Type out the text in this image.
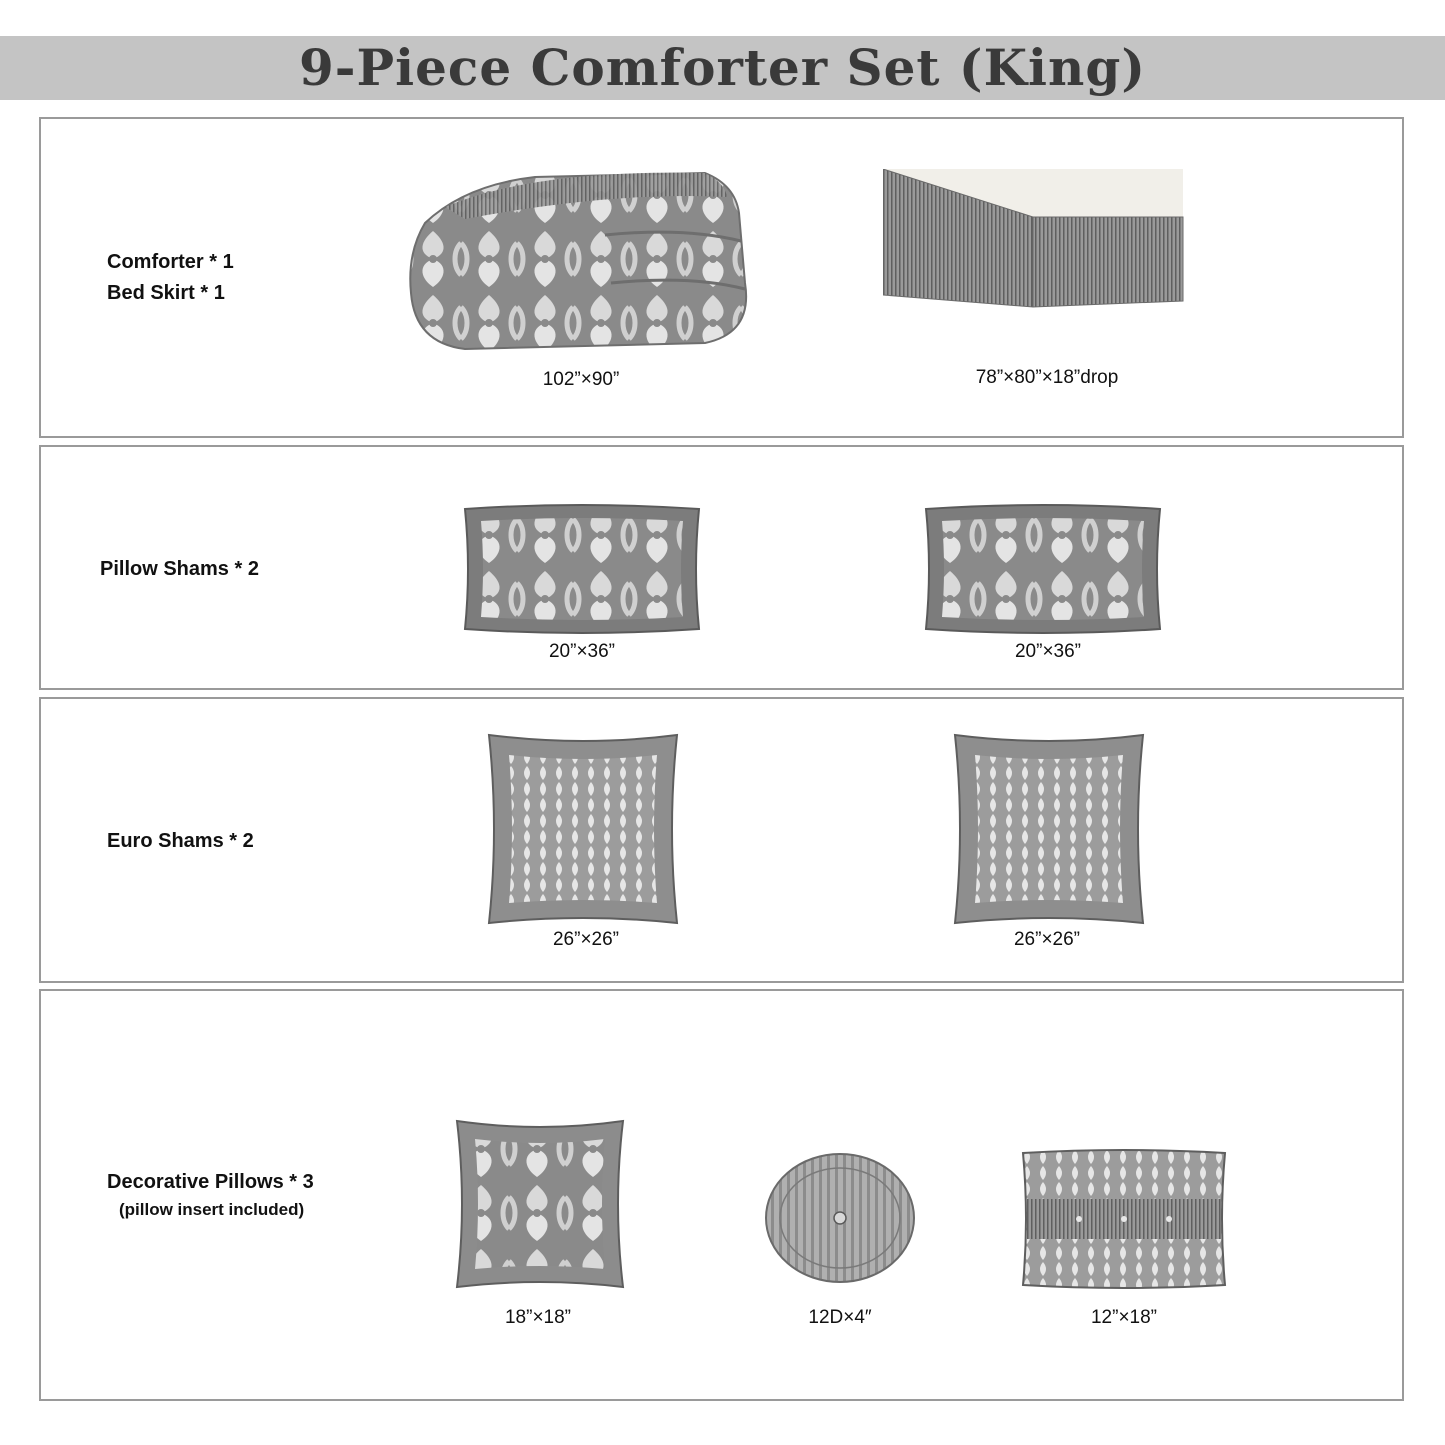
9-Piece Comforter Set (King)
Comforter * 1
Bed Skirt * 1
102”×90”	78”×80”×18”drop
Pillow Shams * 2
20”×36”	20”×36”
Euro Shams * 2
26”×26”	26”×26”
Decorative Pillows * 3
(pillow insert included)
18”×18”	12D×4″	12”×18”
